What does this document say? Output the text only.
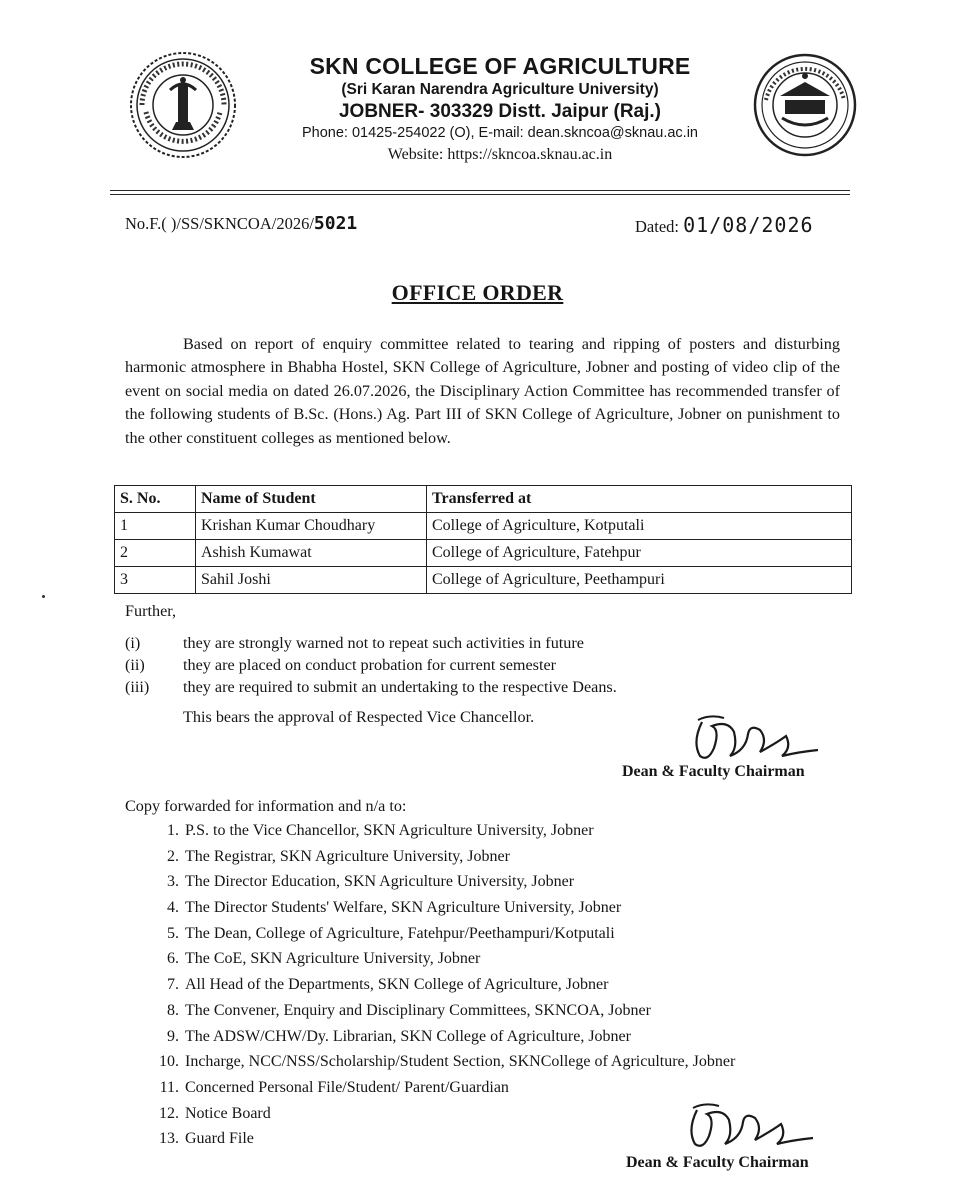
SKN COLLEGE OF AGRICULTURE
(Sri Karan Narendra Agriculture University)
JOBNER- 303329 Distt. Jaipur (Raj.)
Phone: 01425-254022 (O), E-mail: dean.skncoa@sknau.ac.in
Website: https://skncoa.sknau.ac.in
No.F.( )/SS/SKNCOA/2026/5021	Dated: 01/08/2026
OFFICE ORDER
Based on report of enquiry committee related to tearing and ripping of posters and disturbing harmonic atmosphere in Bhabha Hostel, SKN College of Agriculture, Jobner and posting of video clip of the event on social media on dated 26.07.2026, the Disciplinary Action Committee has recommended transfer of the following students of B.Sc. (Hons.) Ag. Part III of SKN College of Agriculture, Jobner on punishment to the other constituent colleges as mentioned below.
S. No.	Name of Student	Transferred at
1	Krishan Kumar Choudhary	College of Agriculture, Kotputali
2	Ashish Kumawat	College of Agriculture, Fatehpur
3	Sahil Joshi	College of Agriculture, Peethampuri
Further,
(i)	they are strongly warned not to repeat such activities in future
(ii)	they are placed on conduct probation for current semester
(iii)	they are required to submit an undertaking to the respective Deans.
This bears the approval of Respected Vice Chancellor.
Dean & Faculty Chairman
Copy forwarded for information and n/a to:
1. P.S. to the Vice Chancellor, SKN Agriculture University, Jobner
2. The Registrar, SKN Agriculture University, Jobner
3. The Director Education, SKN Agriculture University, Jobner
4. The Director Students' Welfare, SKN Agriculture University, Jobner
5. The Dean, College of Agriculture, Fatehpur/Peethampuri/Kotputali
6. The CoE, SKN Agriculture University, Jobner
7. All Head of the Departments, SKN College of Agriculture, Jobner
8. The Convener, Enquiry and Disciplinary Committees, SKNCOA, Jobner
9. The ADSW/CHW/Dy. Librarian, SKN College of Agriculture, Jobner
10. Incharge, NCC/NSS/Scholarship/Student Section, SKNCollege of Agriculture, Jobner
11. Concerned Personal File/Student/ Parent/Guardian
12. Notice Board
13. Guard File
Dean & Faculty Chairman
